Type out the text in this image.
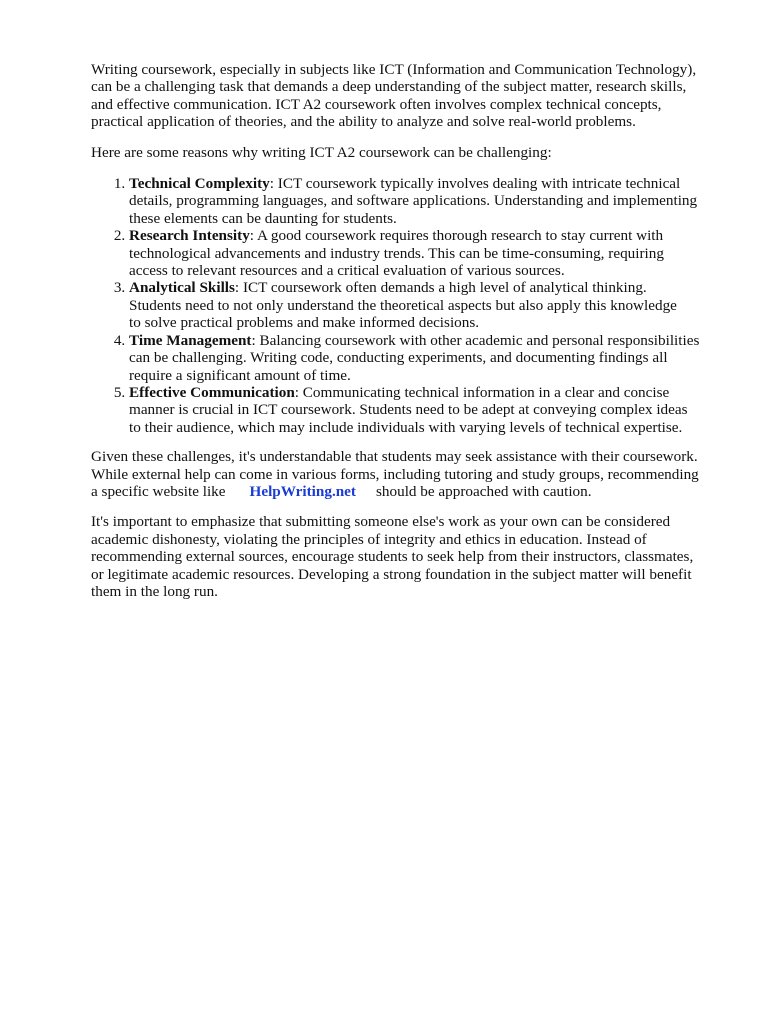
Writing coursework, especially in subjects like ICT (Information and Communication Technology),
can be a challenging task that demands a deep understanding of the subject matter, research skills,
and effective communication. ICT A2 coursework often involves complex technical concepts,
practical application of theories, and the ability to analyze and solve real-world problems.

Here are some reasons why writing ICT A2 coursework can be challenging:

1. Technical Complexity: ICT coursework typically involves dealing with intricate technical
details, programming languages, and software applications. Understanding and implementing
these elements can be daunting for students.
2. Research Intensity: A good coursework requires thorough research to stay current with
technological advancements and industry trends. This can be time-consuming, requiring
access to relevant resources and a critical evaluation of various sources.
3. Analytical Skills: ICT coursework often demands a high level of analytical thinking.
Students need to not only understand the theoretical aspects but also apply this knowledge
to solve practical problems and make informed decisions.
4. Time Management: Balancing coursework with other academic and personal responsibilities
can be challenging. Writing code, conducting experiments, and documenting findings all
require a significant amount of time.
5. Effective Communication: Communicating technical information in a clear and concise
manner is crucial in ICT coursework. Students need to be adept at conveying complex ideas
to their audience, which may include individuals with varying levels of technical expertise.

Given these challenges, it's understandable that students may seek assistance with their coursework.
While external help can come in various forms, including tutoring and study groups, recommending
a specific website like HelpWriting.net should be approached with caution.

It's important to emphasize that submitting someone else's work as your own can be considered
academic dishonesty, violating the principles of integrity and ethics in education. Instead of
recommending external sources, encourage students to seek help from their instructors, classmates,
or legitimate academic resources. Developing a strong foundation in the subject matter will benefit
them in the long run.
